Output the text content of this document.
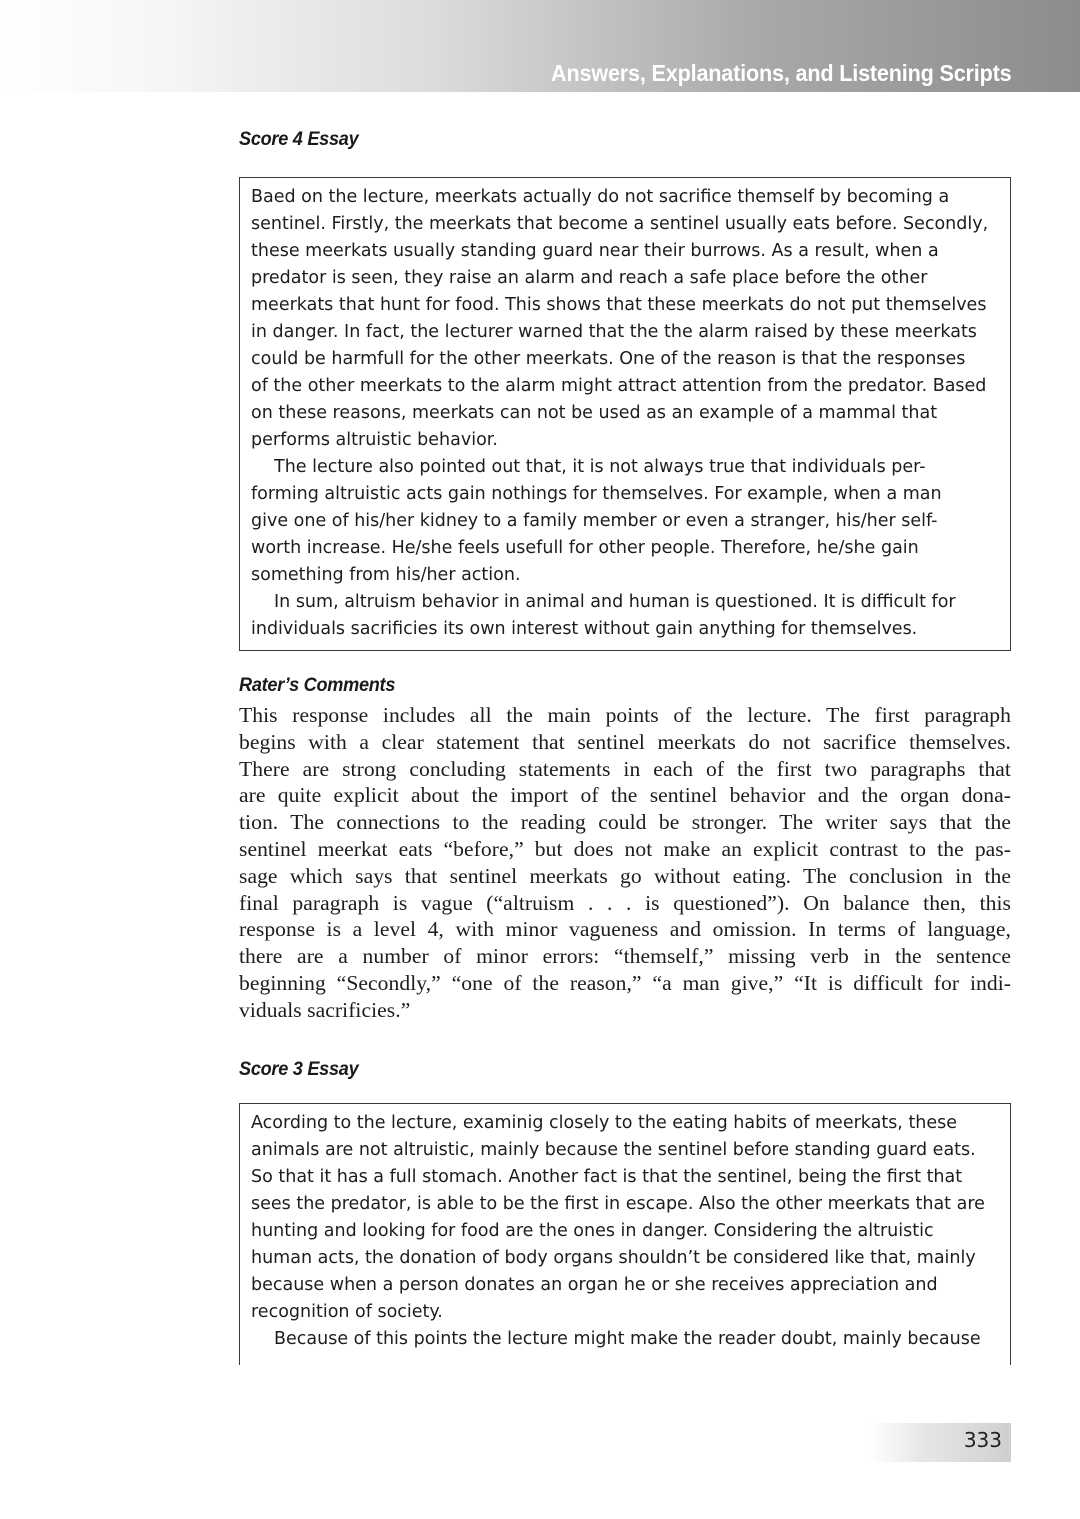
Answers, Explanations, and Listening Scripts
Score 4 Essay

Baed on the lecture, meerkats actually do not sacrifice themself by becoming a

sentinel. Firstly, the meerkats that become a sentinel usually eats before. Secondly,

these meerkats usually standing guard near their burrows. As a result, when a

predator is seen, they raise an alarm and reach a safe place before the other

meerkats that hunt for food. This shows that these meerkats do not put themselves

in danger. In fact, the lecturer warned that the the alarm raised by these meerkats

could be harmfull for the other meerkats. One of the reason is that the responses

of the other meerkats to the alarm might attract attention from the predator. Based

on these reasons, meerkats can not be used as an example of a mammal that

performs altruistic behavior.

The lecture also pointed out that, it is not always true that individuals per-

forming altruistic acts gain nothings for themselves. For example, when a man

give one of his/her kidney to a family member or even a stranger, his/her self-

worth increase. He/she feels usefull for other people. Therefore, he/she gain

something from his/her action.

In sum, altruism behavior in animal and human is questioned. It is difficult for

individuals sacrificies its own interest without gain anything for themselves.

Rater’s Comments

This response includes all the main points of the lecture. The first paragraph

begins with a clear statement that sentinel meerkats do not sacrifice themselves.

There are strong concluding statements in each of the first two paragraphs that

are quite explicit about the import of the sentinel behavior and the organ dona-

tion. The connections to the reading could be stronger. The writer says that the

sentinel meerkat eats “before,” but does not make an explicit contrast to the pas-

sage which says that sentinel meerkats go without eating. The conclusion in the

final paragraph is vague (“altruism . . . is questioned”). On balance then, this

response is a level 4, with minor vagueness and omission. In terms of language,

there are a number of minor errors: “themself,” missing verb in the sentence

beginning “Secondly,” “one of the reason,” “a man give,” “It is difficult for indi-

viduals sacrificies.”

Score 3 Essay

Acording to the lecture, examinig closely to the eating habits of meerkats, these

animals are not altruistic, mainly because the sentinel before standing guard eats.

So that it has a full stomach. Another fact is that the sentinel, being the first that

sees the predator, is able to be the first in escape. Also the other meerkats that are

hunting and looking for food are the ones in danger. Considering the altruistic

human acts, the donation of body organs shouldn’t be considered like that, mainly

because when a person donates an organ he or she receives appreciation and

recognition of society.

Because of this points the lecture might make the reader doubt, mainly because

333
